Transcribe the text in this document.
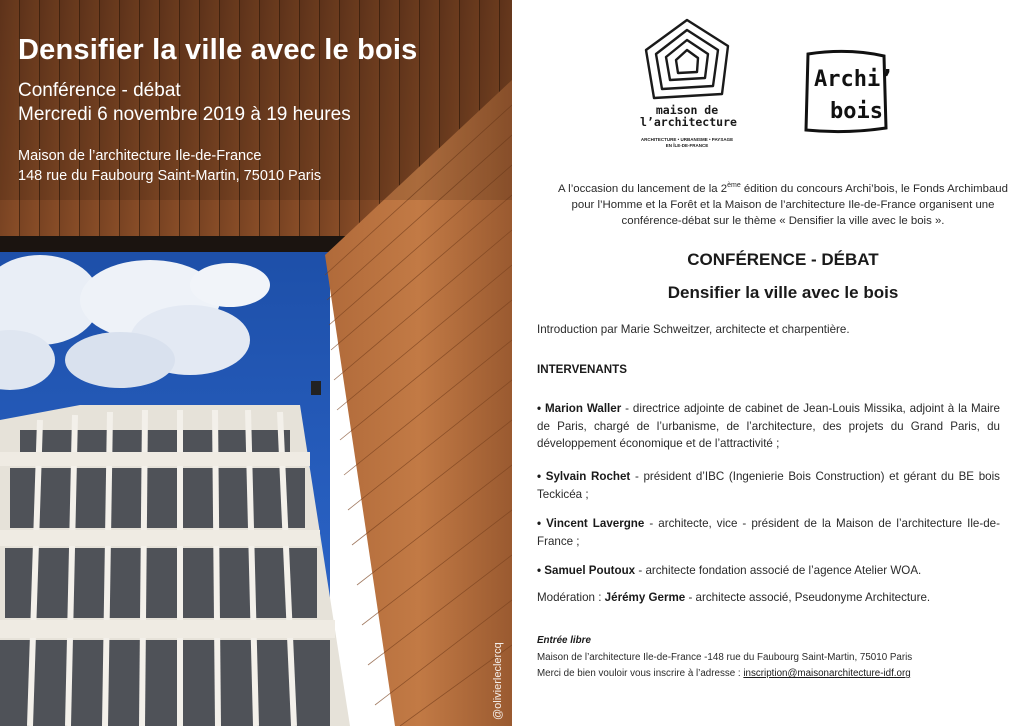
Densifier la ville avec le bois
Conférence - débat
Mercredi 6 novembre 2019 à 19 heures
Maison de l’architecture Ile-de-France
148 rue du Faubourg Saint-Martin, 75010 Paris
@olivierleclercq
maison de
l’architecture
ARCHITECTURE • URBANISME • PAYSAGE
EN ÎLE-DE-FRANCE
Archi’
bois
A l’occasion du lancement de la 2ème édition du concours Archi’bois, le Fonds Archimbaud pour l’Homme et la Forêt et la Maison de l’architecture Ile-de-France organisent une conférence-débat sur le thème « Densifier la ville avec le bois ».
CONFÉRENCE - DÉBAT
Densifier la ville avec le bois
Introduction par Marie Schweitzer, architecte et charpentière.
INTERVENANTS
• Marion Waller - directrice adjointe de cabinet de Jean-Louis Missika, adjoint à la Maire de Paris, chargé de l’urbanisme, de l’architecture, des projets du Grand Paris, du développement économique et de l’attractivité ;
• Sylvain Rochet - président d’IBC (Ingenierie Bois Construction) et gérant du BE bois Teckicéa ;
• Vincent Lavergne - architecte, vice - président de la Maison de l’architecture Ile-de-France ;
• Samuel Poutoux - architecte fondation associé de l’agence Atelier WOA.
Modération : Jérémy Germe - architecte associé, Pseudonyme Architecture.
Entrée libre
Maison de l’architecture Ile-de-France -148 rue du Faubourg Saint-Martin, 75010 Paris
Merci de bien vouloir vous inscrire à l’adresse : inscription@maisonarchitecture-idf.org
